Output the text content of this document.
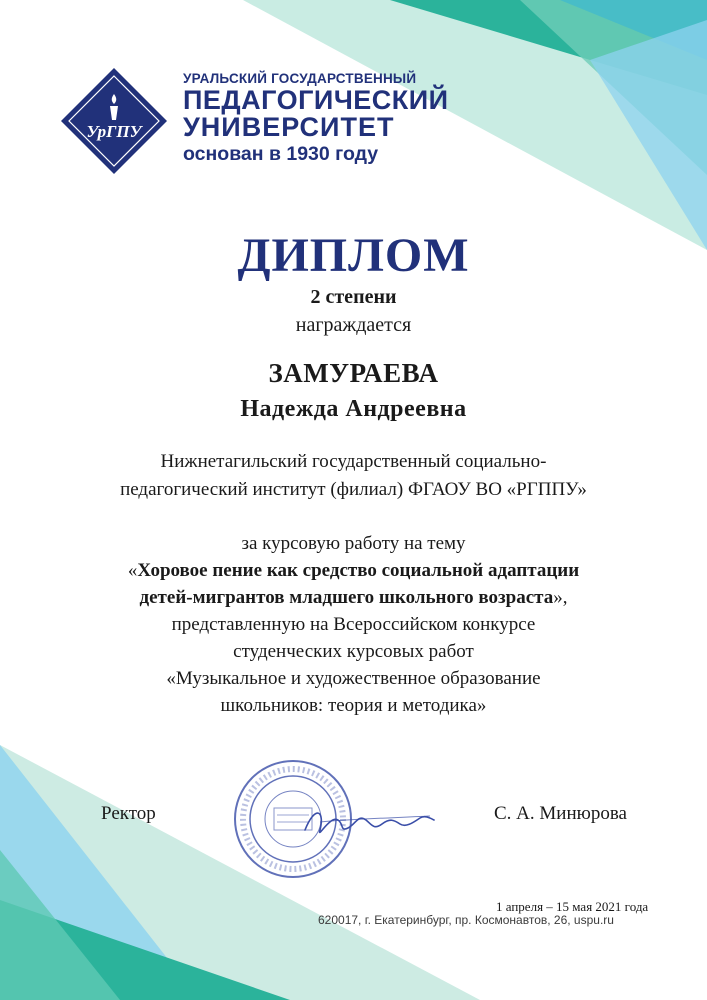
УрГПУ
УРАЛЬСКИЙ ГОСУДАРСТВЕННЫЙ
ПЕДАГОГИЧЕСКИЙ
УНИВЕРСИТЕТ
основан в 1930 году
ДИПЛОМ
2 степени
награждается
ЗАМУРАЕВА
Надежда Андреевна
Нижнетагильский государственный социально-
педагогический институт (филиал) ФГАОУ ВО «РГППУ»
за курсовую работу на тему
«Хоровое пение как средство социальной адаптации
детей-мигрантов младшего школьного возраста»,
представленную на Всероссийском конкурсе
студенческих курсовых работ
«Музыкальное и художественное образование
школьников: теория и методика»
Ректор	С. А. Минюрова
1 апреля – 15 мая 2021 года
620017, г. Екатеринбург, пр. Космонавтов, 26, uspu.ru
